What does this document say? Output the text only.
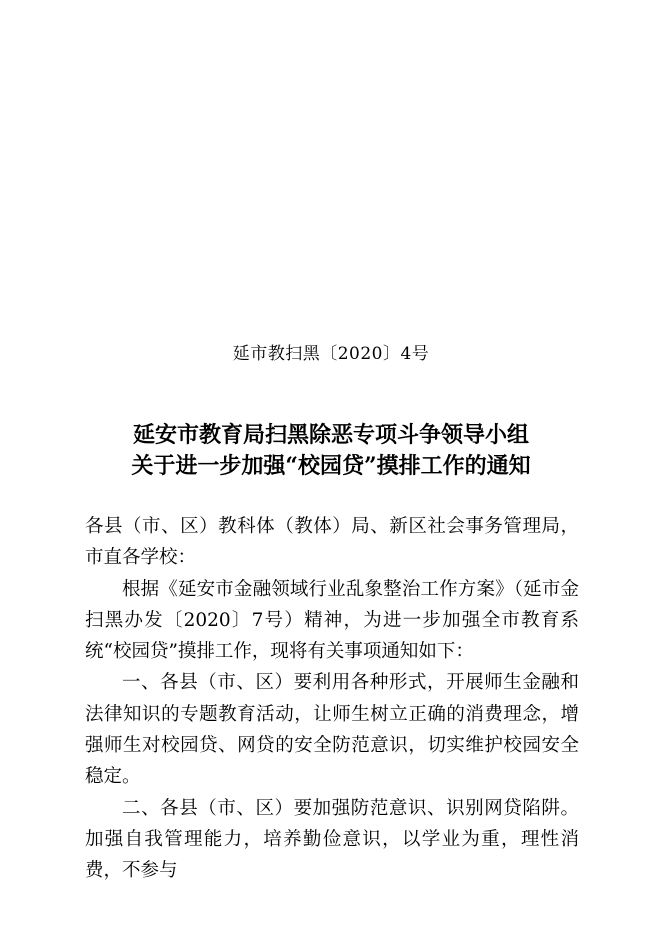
延市教扫黑〔2020〕4号
延安市教育局扫黑除恶专项斗争领导小组
关于进一步加强“校园贷”摸排工作的通知

各县（市、区）教科体（教体）局、新区社会事务管理局，市直各学校：

根据《延安市金融领域行业乱象整治工作方案》（延市金扫黑办发〔2020〕7号）精神，为进一步加强全市教育系统“校园贷”摸排工作，现将有关事项通知如下：

一、各县（市、区）要利用各种形式，开展师生金融和法律知识的专题教育活动，让师生树立正确的消费理念，增强师生对校园贷、网贷的安全防范意识，切实维护校园安全稳定。

二、各县（市、区）要加强防范意识、识别网贷陷阱。加强自我管理能力，培养勤俭意识，以学业为重，理性消费，不参与
